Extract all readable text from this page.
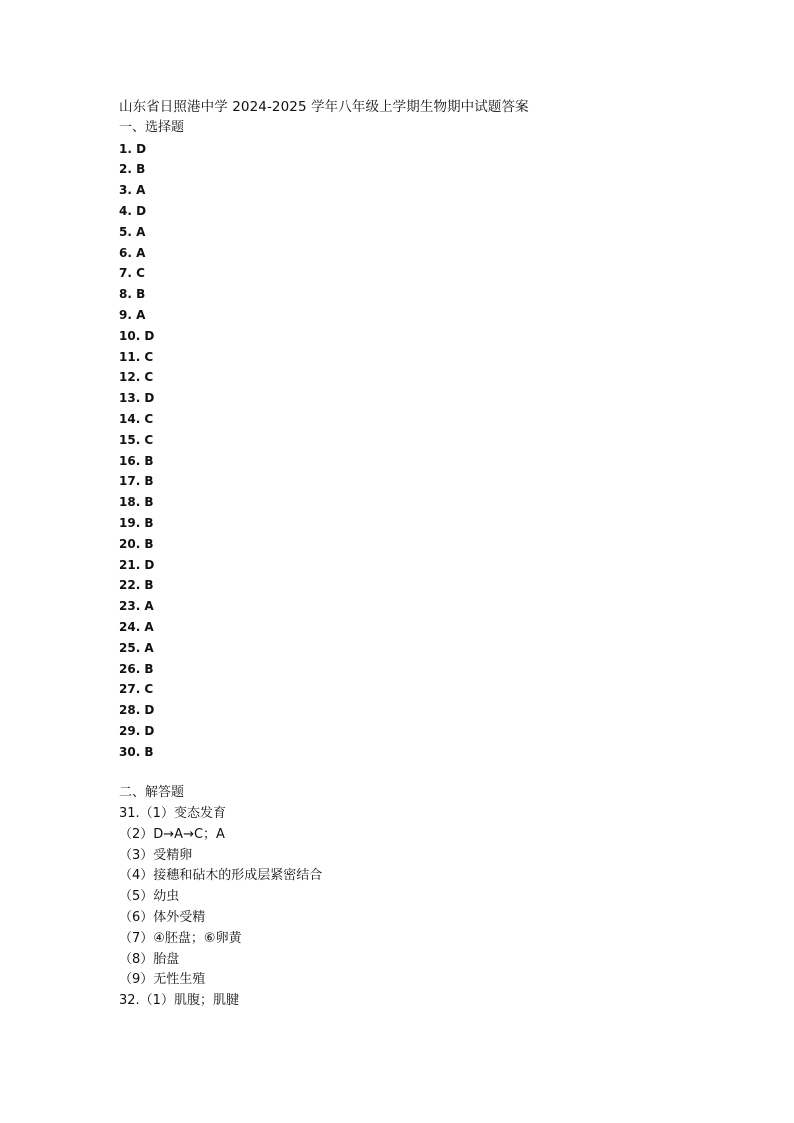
山东省日照港中学 2024-2025 学年八年级上学期生物期中试题答案
一、选择题
1. D
2. B
3. A
4. D
5. A
6. A
7. C
8. B
9. A
10. D
11. C
12. C
13. D
14. C
15. C
16. B
17. B
18. B
19. B
20. B
21. D
22. B
23. A
24. A
25. A
26. B
27. C
28. D
29. D
30. B
二、解答题
31.（1）变态发育
（2）D→A→C；A
（3）受精卵
（4）接穗和砧木的形成层紧密结合
（5）幼虫
（6）体外受精
（7）④胚盘；⑥卵黄
（8）胎盘
（9）无性生殖
32.（1）肌腹；肌腱
